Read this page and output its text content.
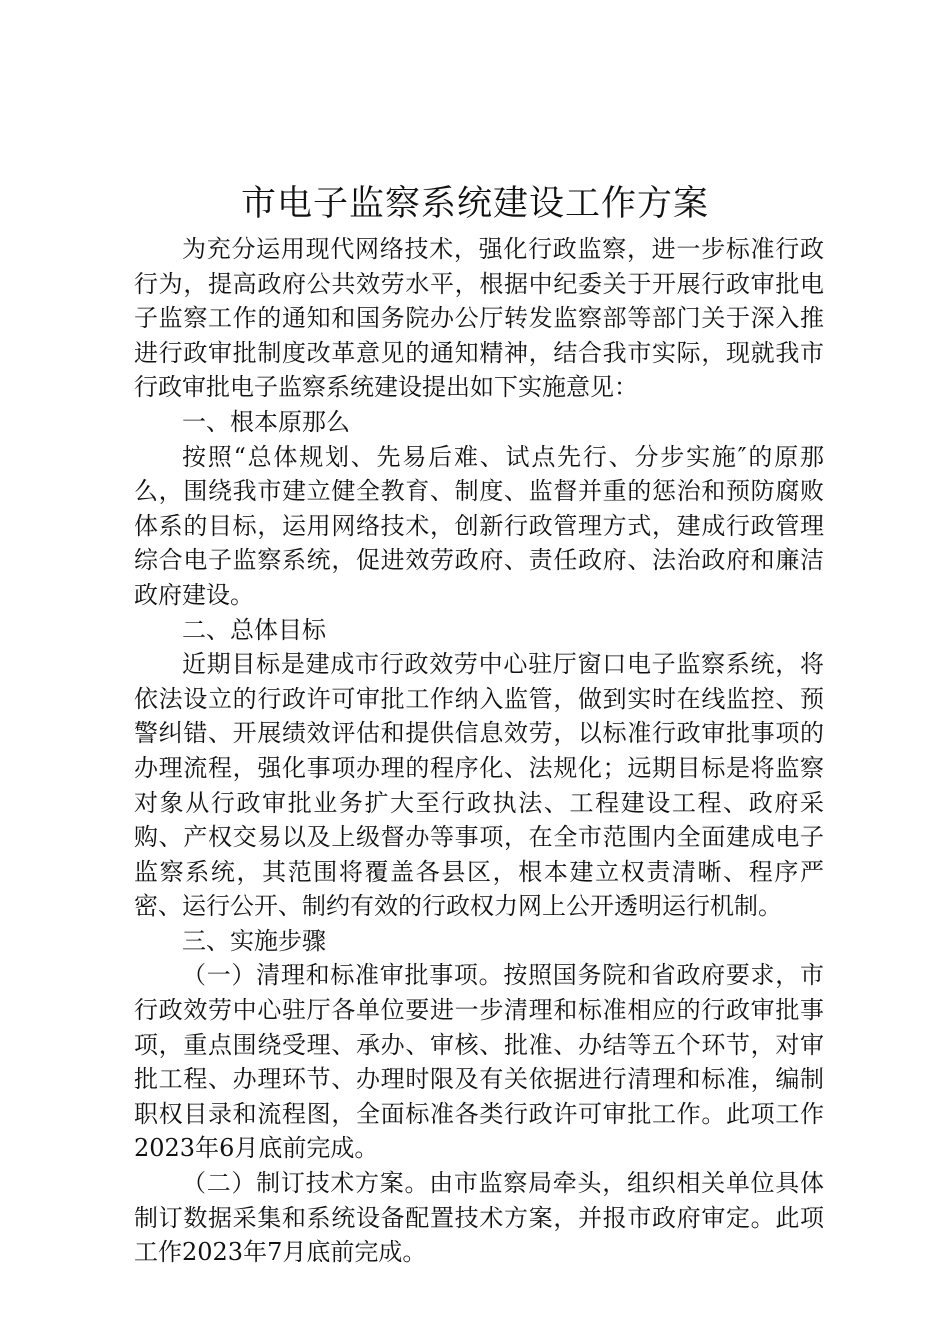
市电子监察系统建设工作方案

为充分运用现代网络技术，强化行政监察，进一步标准行政行为，提高政府公共效劳水平，根据中纪委关于开展行政审批电子监察工作的通知和国务院办公厅转发监察部等部门关于深入推进行政审批制度改革意见的通知精神，结合我市实际，现就我市行政审批电子监察系统建设提出如下实施意见：

一、根本原那么

按照“总体规划、先易后难、试点先行、分步实施″的原那么，围绕我市建立健全教育、制度、监督并重的惩治和预防腐败体系的目标，运用网络技术，创新行政管理方式，建成行政管理综合电子监察系统，促进效劳政府、责任政府、法治政府和廉洁政府建设。

二、总体目标

近期目标是建成市行政效劳中心驻厅窗口电子监察系统，将依法设立的行政许可审批工作纳入监管，做到实时在线监控、预警纠错、开展绩效评估和提供信息效劳，以标准行政审批事项的办理流程，强化事项办理的程序化、法规化；远期目标是将监察对象从行政审批业务扩大至行政执法、工程建设工程、政府采购、产权交易以及上级督办等事项，在全市范围内全面建成电子监察系统，其范围将覆盖各县区，根本建立权责清晰、程序严密、运行公开、制约有效的行政权力网上公开透明运行机制。

三、实施步骤

（一）清理和标准审批事项。按照国务院和省政府要求，市行政效劳中心驻厅各单位要进一步清理和标准相应的行政审批事项，重点围绕受理、承办、审核、批准、办结等五个环节，对审批工程、办理环节、办理时限及有关依据进行清理和标准，编制职权目录和流程图，全面标准各类行政许可审批工作。此项工作2023年6月底前完成。

（二）制订技术方案。由市监察局牵头，组织相关单位具体制订数据采集和系统设备配置技术方案，并报市政府审定。此项工作2023年7月底前完成。
